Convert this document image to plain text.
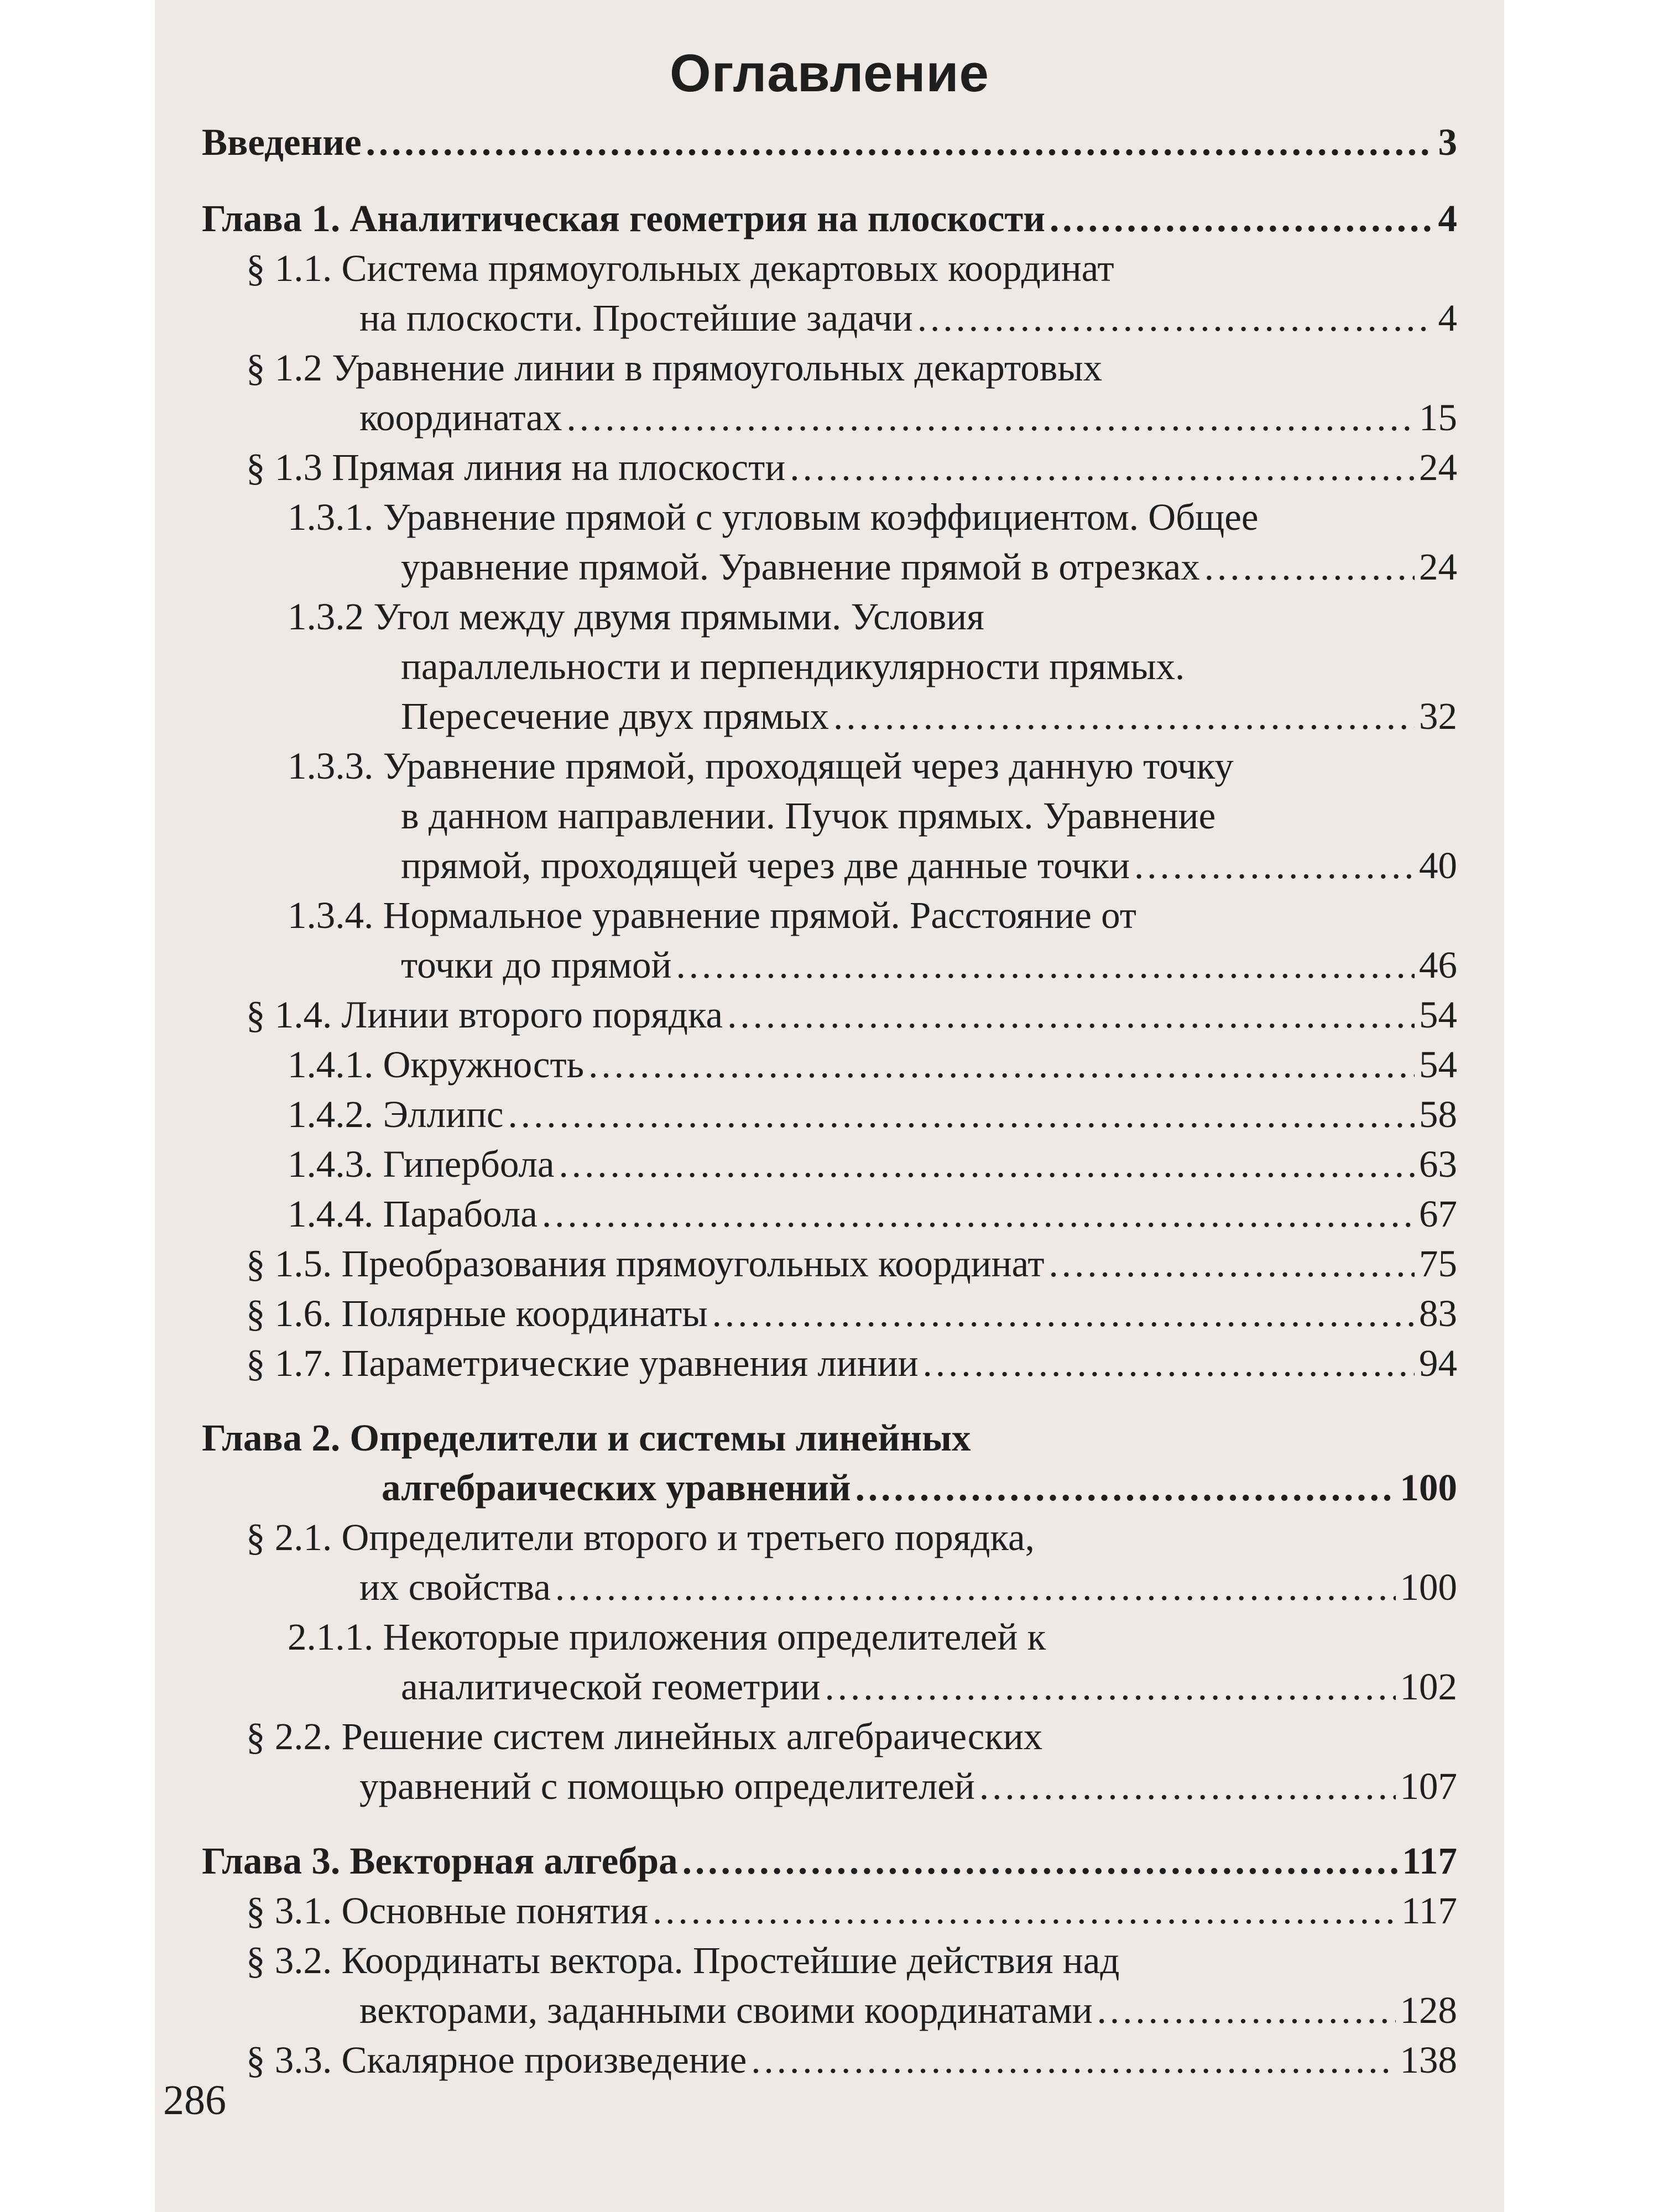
Оглавление
Введение .....	3
Глава 1. Аналитическая геометрия на плоскости .....	4
§ 1.1. Система прямоугольных декартовых координат
на плоскости. Простейшие задачи .....	4
§ 1.2 Уравнение линии в прямоугольных декартовых
координатах .....	15
§ 1.3 Прямая линия на плоскости .....	24
1.3.1. Уравнение прямой с угловым коэффициентом. Общее
уравнение прямой. Уравнение прямой в отрезках .....	24
1.3.2 Угол между двумя прямыми. Условия
параллельности и перпендикулярности прямых.
Пересечение двух прямых .....	32
1.3.3. Уравнение прямой, проходящей через данную точку
в данном направлении. Пучок прямых. Уравнение
прямой, проходящей через две данные точки .....	40
1.3.4. Нормальное уравнение прямой. Расстояние от
точки до прямой .....	46
§ 1.4. Линии второго порядка .....	54
1.4.1. Окружность .....	54
1.4.2. Эллипс .....	58
1.4.3. Гипербола .....	63
1.4.4. Парабола .....	67
§ 1.5. Преобразования прямоугольных координат .....	75
§ 1.6. Полярные координаты .....	83
§ 1.7. Параметрические уравнения линии .....	94
Глава 2. Определители и системы линейных
алгебраических уравнений .....	100
§ 2.1. Определители второго и третьего порядка,
их свойства .....	100
2.1.1. Некоторые приложения определителей к
аналитической геометрии .....	102
§ 2.2. Решение систем линейных алгебраических
уравнений с помощью определителей .....	107
Глава 3. Векторная алгебра .....	117
§ 3.1. Основные понятия .....	117
§ 3.2. Координаты вектора. Простейшие действия над
векторами, заданными своими координатами .....	128
§ 3.3. Скалярное произведение .....	138
286
